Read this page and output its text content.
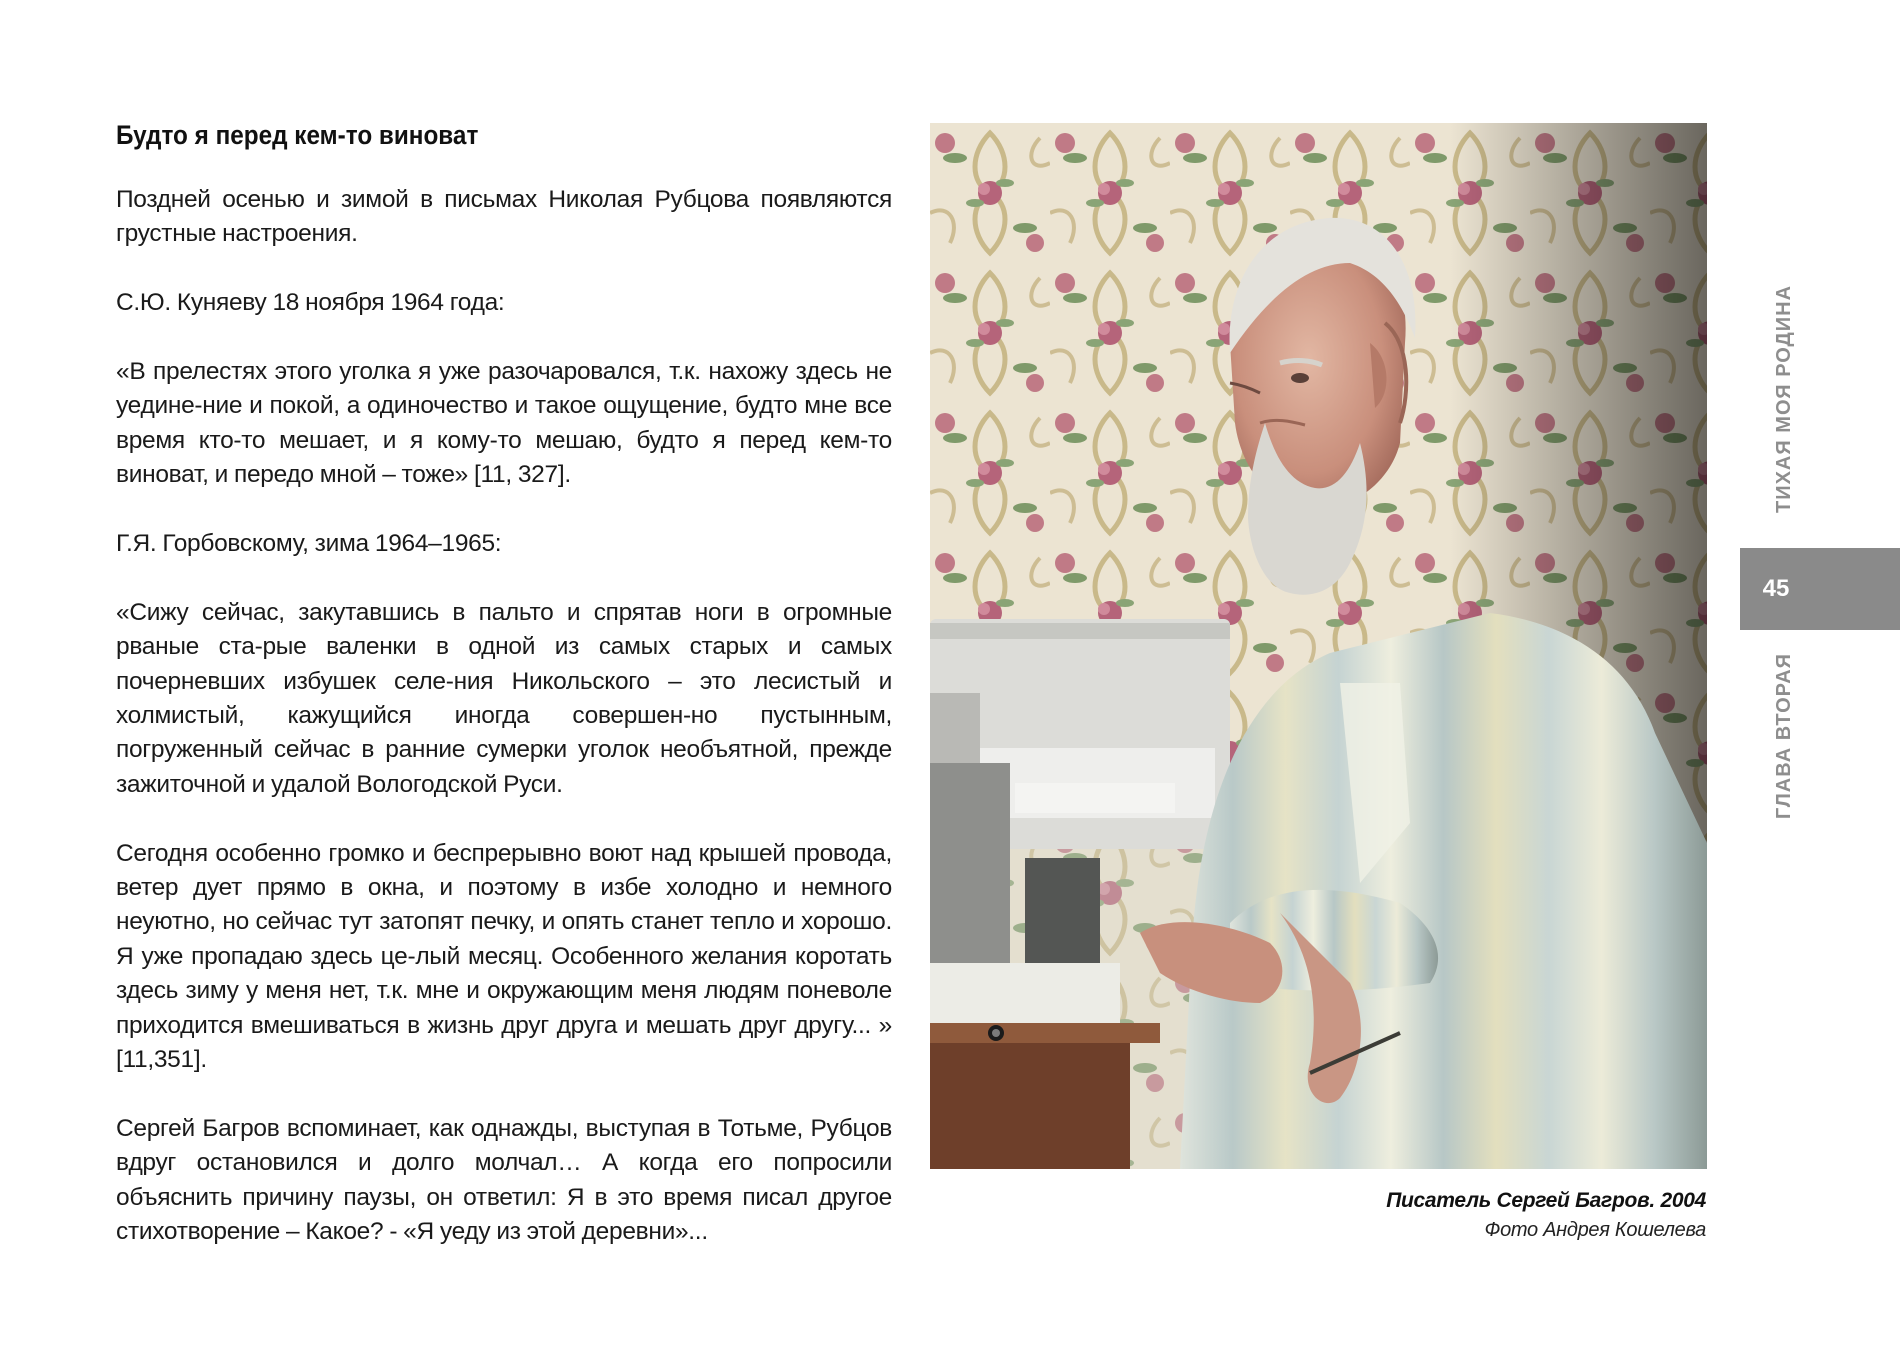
Будто я перед кем-то виноват

Поздней осенью и зимой в письмах Николая Рубцова появляются грустные настроения.

С.Ю. Куняеву 18 ноября 1964 года:

«В прелестях этого уголка я уже разочаровался, т.к. нахожу здесь не уедине-ние и покой, а одиночество и такое ощущение, будто мне все время кто-то мешает, и я кому-то мешаю, будто я перед кем-то виноват, и передо мной – тоже» [11, 327].

Г.Я. Горбовскому, зима 1964–1965:

«Сижу сейчас, закутавшись в пальто и спрятав ноги в огромные рваные ста-рые валенки в одной из самых старых и самых почерневших избушек селе-ния Никольского – это лесистый и холмистый, кажущийся иногда совершен-но пустынным, погруженный сейчас в ранние сумерки уголок необъятной, прежде зажиточной и удалой Вологодской Руси.

Сегодня особенно громко и беспрерывно воют над крышей провода, ветер дует прямо в окна, и поэтому в избе холодно и немного неуютно, но сейчас тут затопят печку, и опять станет тепло и хорошо. Я уже пропадаю здесь це-лый месяц. Особенного желания коротать здесь зиму у меня нет, т.к. мне и окружающим меня людям поневоле приходится вмешиваться в жизнь друг друга и мешать друг другу... » [11,351].

Сергей Багров вспоминает, как однажды, выступая в Тотьме, Рубцов вдруг остановился и долго молчал… А когда его попросили объяснить причину паузы, он ответил: Я в это время писал другое стихотворение – Какое? - «Я уеду из этой деревни»...

Писатель Сергей Багров. 2004
Фото Андрея Кошелева
ТИХАЯ МОЯ РОДИНА
45
ГЛАВА ВТОРАЯ
